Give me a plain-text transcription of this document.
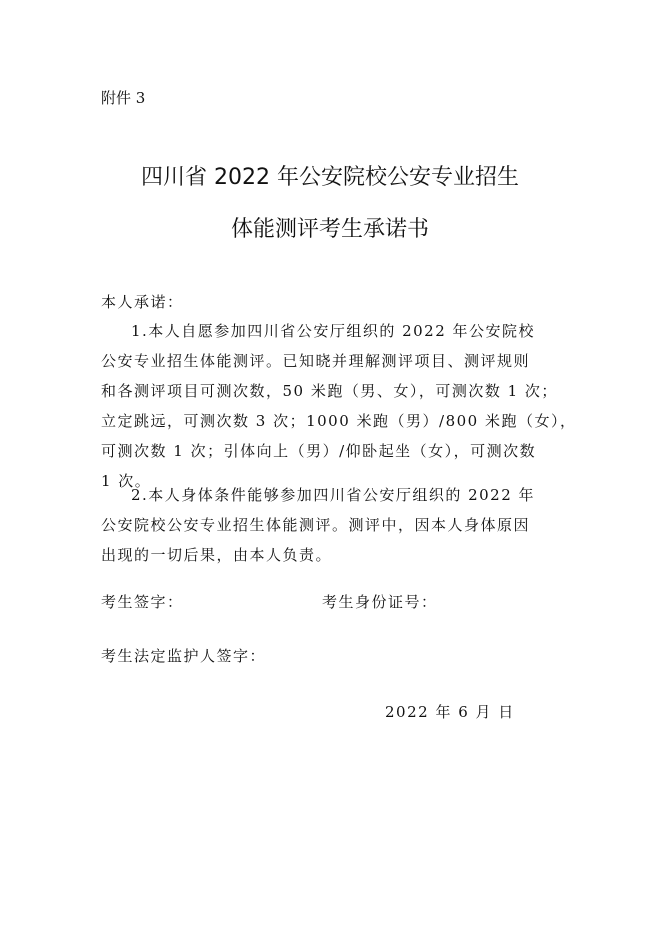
附件 3
四川省 2022 年公安院校公安专业招生
体能测评考生承诺书
本人承诺：
1.本人自愿参加四川省公安厅组织的 2022 年公安院校
公安专业招生体能测评。已知晓并理解测评项目、测评规则
和各测评项目可测次数，50 米跑（男、女），可测次数 1 次；
立定跳远，可测次数 3 次；1000 米跑（男）/800 米跑（女），
可测次数 1 次；引体向上（男）/仰卧起坐（女），可测次数
1 次。
2.本人身体条件能够参加四川省公安厅组织的 2022 年
公安院校公安专业招生体能测评。测评中，因本人身体原因
出现的一切后果，由本人负责。
考生签字：	考生身份证号：
考生法定监护人签字：
2022 年 6 月 日
